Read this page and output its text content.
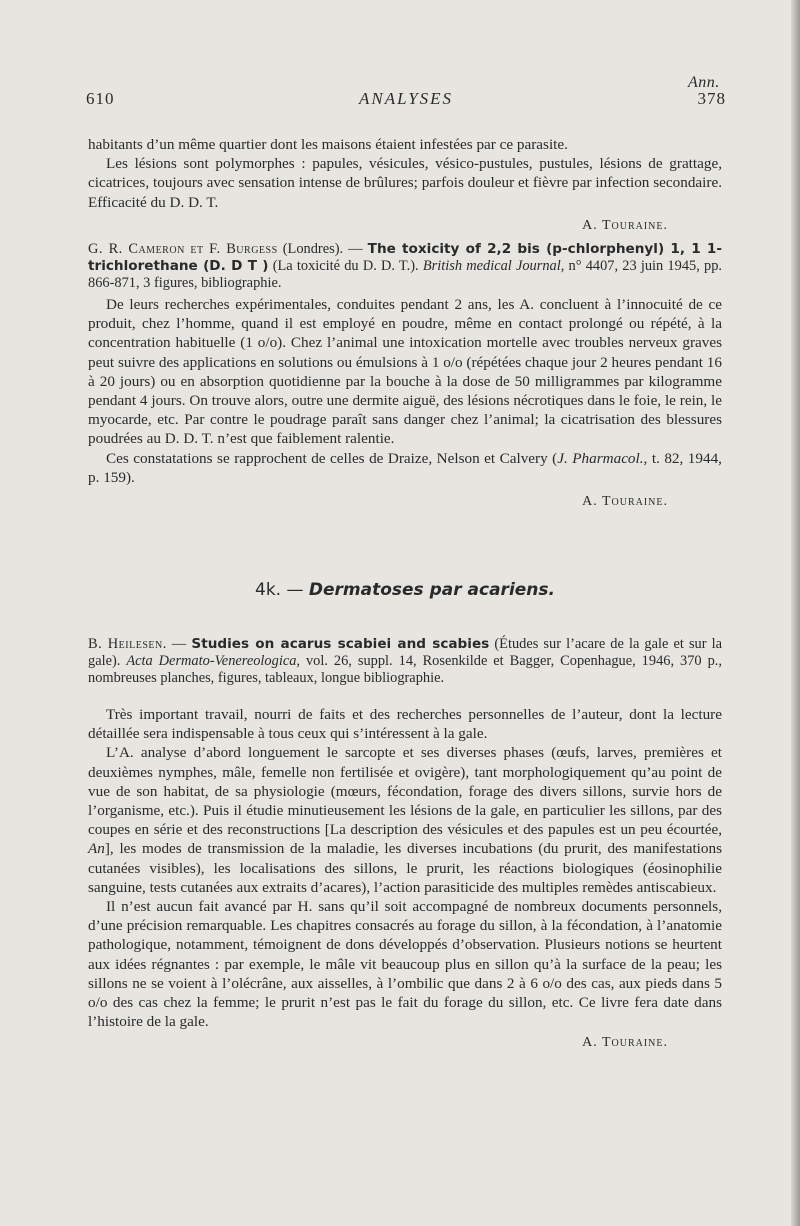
Ann.
610	ANALYSES	378

habitants d’un même quartier dont les maisons étaient infestées par ce parasite.

Les lésions sont polymorphes : papules, vésicules, vésico-pustules, pustules, lésions de grattage, cicatrices, toujours avec sensation intense de brûlures; parfois douleur et fièvre par infection secondaire. Efficacité du D. D. T.

A. Touraine.
G. R. Cameron et F. Burgess (Londres). — The toxicity of 2,2 bis (p-chlorphenyl) 1, 1 1-trichlorethane (D. D T ) (La toxicité du D. D. T.). British medical Journal, n° 4407, 23 juin 1945, pp. 866-871, 3 figures, bibliographie.

De leurs recherches expérimentales, conduites pendant 2 ans, les A. concluent à l’innocuité de ce produit, chez l’homme, quand il est employé en poudre, même en contact prolongé ou répété, à la concentration habituelle (1 o/o). Chez l’animal une intoxication mortelle avec troubles nerveux graves peut suivre des applications en solutions ou émulsions à 1 o/o (répétées chaque jour 2 heures pendant 16 à 20 jours) ou en absorption quotidienne par la bouche à la dose de 50 milligrammes par kilogramme pendant 4 jours. On trouve alors, outre une dermite aiguë, des lésions nécrotiques dans le foie, le rein, le myocarde, etc. Par contre le poudrage paraît sans danger chez l’animal; la cicatrisation des blessures poudrées au D. D. T. n’est que faiblement ralentie.

Ces constatations se rapprochent de celles de Draize, Nelson et Calvery (J. Pharmacol., t. 82, 1944, p. 159).

A. Touraine.
4k. — Dermatoses par acariens.
B. Heilesen. — Studies on acarus scabiei and scabies (Études sur l’acare de la gale et sur la gale). Acta Dermato-Venereologica, vol. 26, suppl. 14, Rosenkilde et Bagger, Copenhague, 1946, 370 p., nombreuses planches, figures, tableaux, longue bibliographie.

Très important travail, nourri de faits et des recherches personnelles de l’auteur, dont la lecture détaillée sera indispensable à tous ceux qui s’intéressent à la gale.

L’A. analyse d’abord longuement le sarcopte et ses diverses phases (œufs, larves, premières et deuxièmes nymphes, mâle, femelle non fertilisée et ovigère), tant morphologiquement qu’au point de vue de son habitat, de sa physiologie (mœurs, fécondation, forage des divers sillons, survie hors de l’organisme, etc.). Puis il étudie minutieusement les lésions de la gale, en particulier les sillons, par des coupes en série et des reconstructions [La description des vésicules et des papules est un peu écourtée, An], les modes de transmission de la maladie, les diverses incubations (du prurit, des manifestations cutanées visibles), les localisations des sillons, le prurit, les réactions biologiques (éosinophilie sanguine, tests cutanées aux extraits d’acares), l’action parasiticide des multiples remèdes antiscabieux.

Il n’est aucun fait avancé par H. sans qu’il soit accompagné de nombreux documents personnels, d’une précision remarquable. Les chapitres consacrés au forage du sillon, à la fécondation, à l’anatomie pathologique, notamment, témoignent de dons développés d’observation. Plusieurs notions se heurtent aux idées régnantes : par exemple, le mâle vit beaucoup plus en sillon qu’à la surface de la peau; les sillons ne se voient à l’olécrâne, aux aisselles, à l’ombilic que dans 2 à 6 o/o des cas, aux pieds dans 5 o/o des cas chez la femme; le prurit n’est pas le fait du forage du sillon, etc. Ce livre fera date dans l’histoire de la gale.

A. Touraine.
